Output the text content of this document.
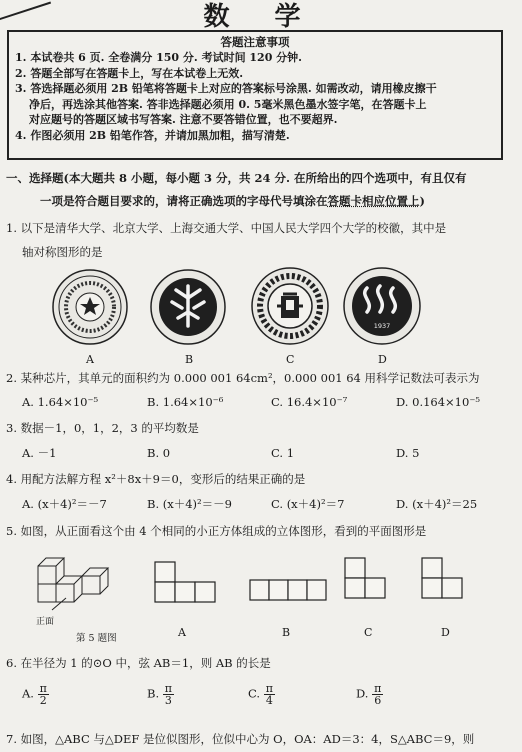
数 学
答题注意事项
1. 本试卷共 6 页. 全卷满分 150 分. 考试时间 120 分钟.
2. 答题全部写在答题卡上，写在本试卷上无效.
3. 答选择题必须用 2B 铅笔将答题卡上对应的答案标号涂黑. 如需改动，请用橡皮擦干
净后，再选涂其他答案. 答非选择题必须用 0. 5毫米黑色墨水签字笔，在答题卡上
对应题号的答题区域书写答案. 注意不要答错位置，也不要超界.
4. 作图必须用 2B 铅笔作答，并请加黑加粗，描写清楚.
一、选择题(本大题共 8 小题，每小题 3 分，共 24 分. 在所给出的四个选项中，有且仅有
一项是符合题目要求的，请将正确选项的字母代号填涂在答题卡相应位置上)
1. 以下是清华大学、北京大学、上海交通大学、中国人民大学四个大学的校徽，其中是
轴对称图形的是
1937
A	B	C	D
2. 某种芯片，其单元的面积约为 0.000 001 64cm²，0.000 001 64 用科学记数法可表示为
A. 1.64×10⁻⁵	B. 1.64×10⁻⁶	C. 16.4×10⁻⁷	D. 0.164×10⁻⁵
3. 数据－1，0，1，2，3 的平均数是
A. －1	B. 0	C. 1	D. 5
4. 用配方法解方程 x²＋8x＋9＝0，变形后的结果正确的是
A. (x＋4)²＝－7	B. (x＋4)²＝－9	C. (x＋4)²＝7	D. (x＋4)²＝25
5. 如图，从正面看这个由 4 个相同的小正方体组成的立体图形，看到的平面图形是
正面
第 5 题图	A	B	C	D
6. 在半径为 1 的⊙O 中，弦 AB＝1，则 AB 的长是
A. $\frac{\pi}{2}$	B. $\frac{\pi}{3}$	C. $\frac{\pi}{4}$	D. $\frac{\pi}{6}$
7. 如图，△ABC 与△DEF 是位似图形，位似中心为 O，OA：AD＝3：4，S△ABC＝9，则
